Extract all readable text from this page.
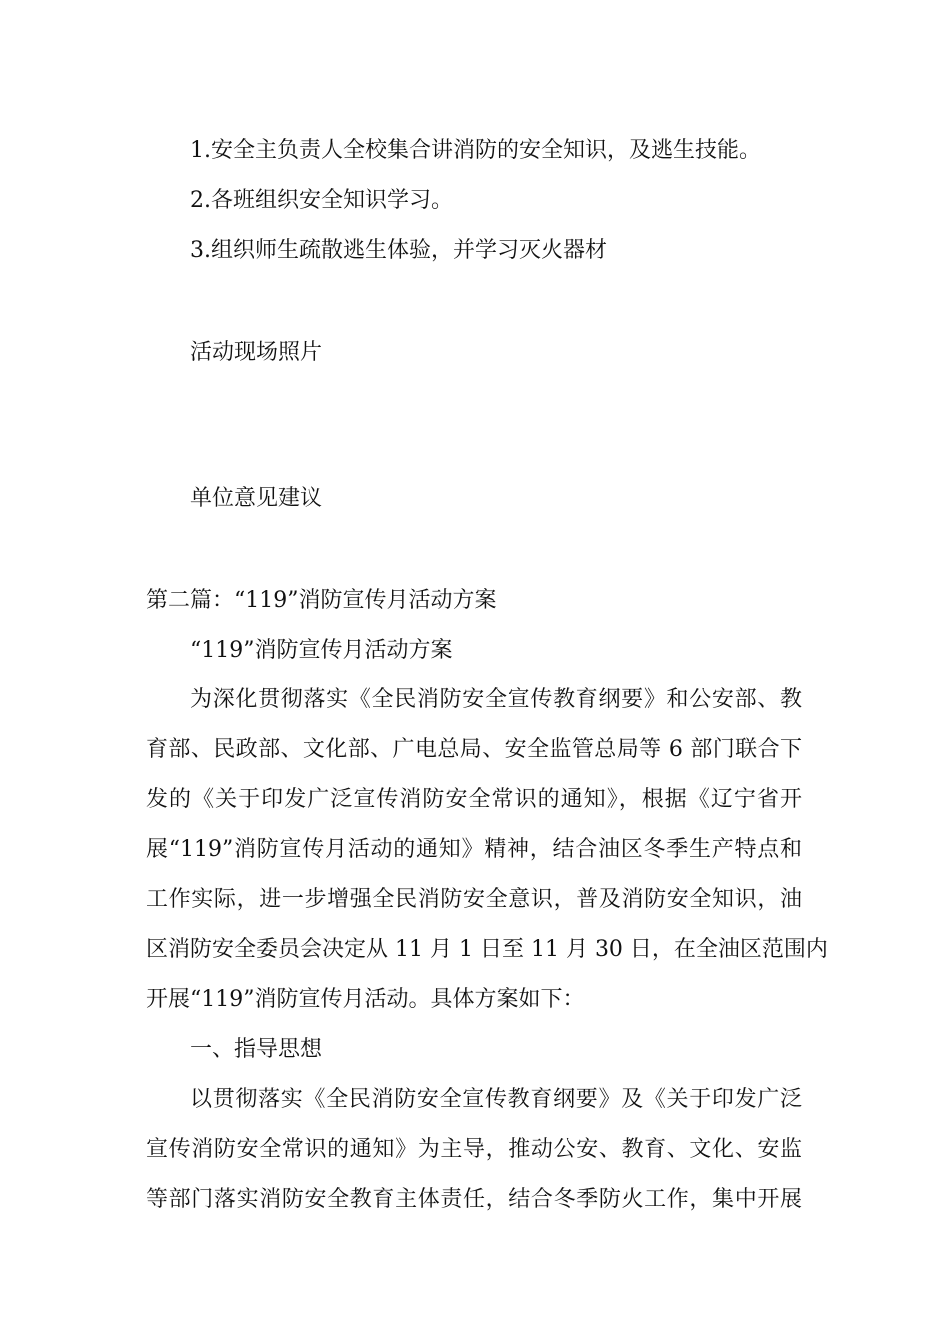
1.安全主负责人全校集合讲消防的安全知识，及逃生技能。

2.各班组织安全知识学习。

3.组织师生疏散逃生体验，并学习灭火器材

活动现场照片

单位意见建议

第二篇：“119”消防宣传月活动方案

“119”消防宣传月活动方案

为深化贯彻落实《全民消防安全宣传教育纲要》和公安部、教

育部、民政部、文化部、广电总局、安全监管总局等 6 部门联合下

发的《关于印发广泛宣传消防安全常识的通知》，根据《辽宁省开

展“119”消防宣传月活动的通知》精神，结合油区冬季生产特点和

工作实际，进一步增强全民消防安全意识，普及消防安全知识，油

区消防安全委员会决定从 11 月 1 日至 11 月 30 日，在全油区范围内

开展“119”消防宣传月活动。具体方案如下：

一、指导思想

以贯彻落实《全民消防安全宣传教育纲要》及《关于印发广泛

宣传消防安全常识的通知》为主导，推动公安、教育、文化、安监

等部门落实消防安全教育主体责任，结合冬季防火工作，集中开展
